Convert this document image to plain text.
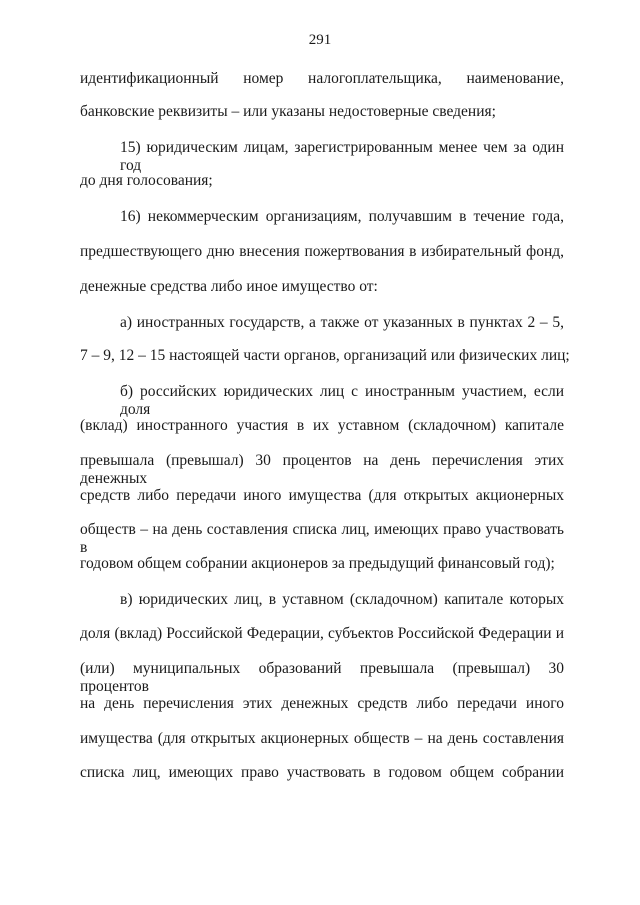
291
идентификационный номер налогоплательщика, наименование,
банковские реквизиты – или указаны недостоверные сведения;
15) юридическим лицам, зарегистрированным менее чем за один год
до дня голосования;
16) некоммерческим организациям, получавшим в течение года,
предшествующего дню внесения пожертвования в избирательный фонд,
денежные средства либо иное имущество от:
а) иностранных государств, а также от указанных в пунктах 2 – 5,
7 – 9, 12 – 15 настоящей части органов, организаций или физических лиц;
б) российских юридических лиц с иностранным участием, если доля
(вклад) иностранного участия в их уставном (складочном) капитале
превышала (превышал) 30 процентов на день перечисления этих денежных
средств либо передачи иного имущества (для открытых акционерных
обществ – на день составления списка лиц, имеющих право участвовать в
годовом общем собрании акционеров за предыдущий финансовый год);
в) юридических лиц, в уставном (складочном) капитале которых
доля (вклад) Российской Федерации, субъектов Российской Федерации и
(или) муниципальных образований превышала (превышал) 30 процентов
на день перечисления этих денежных средств либо передачи иного
имущества (для открытых акционерных обществ – на день составления
списка лиц, имеющих право участвовать в годовом общем собрании
